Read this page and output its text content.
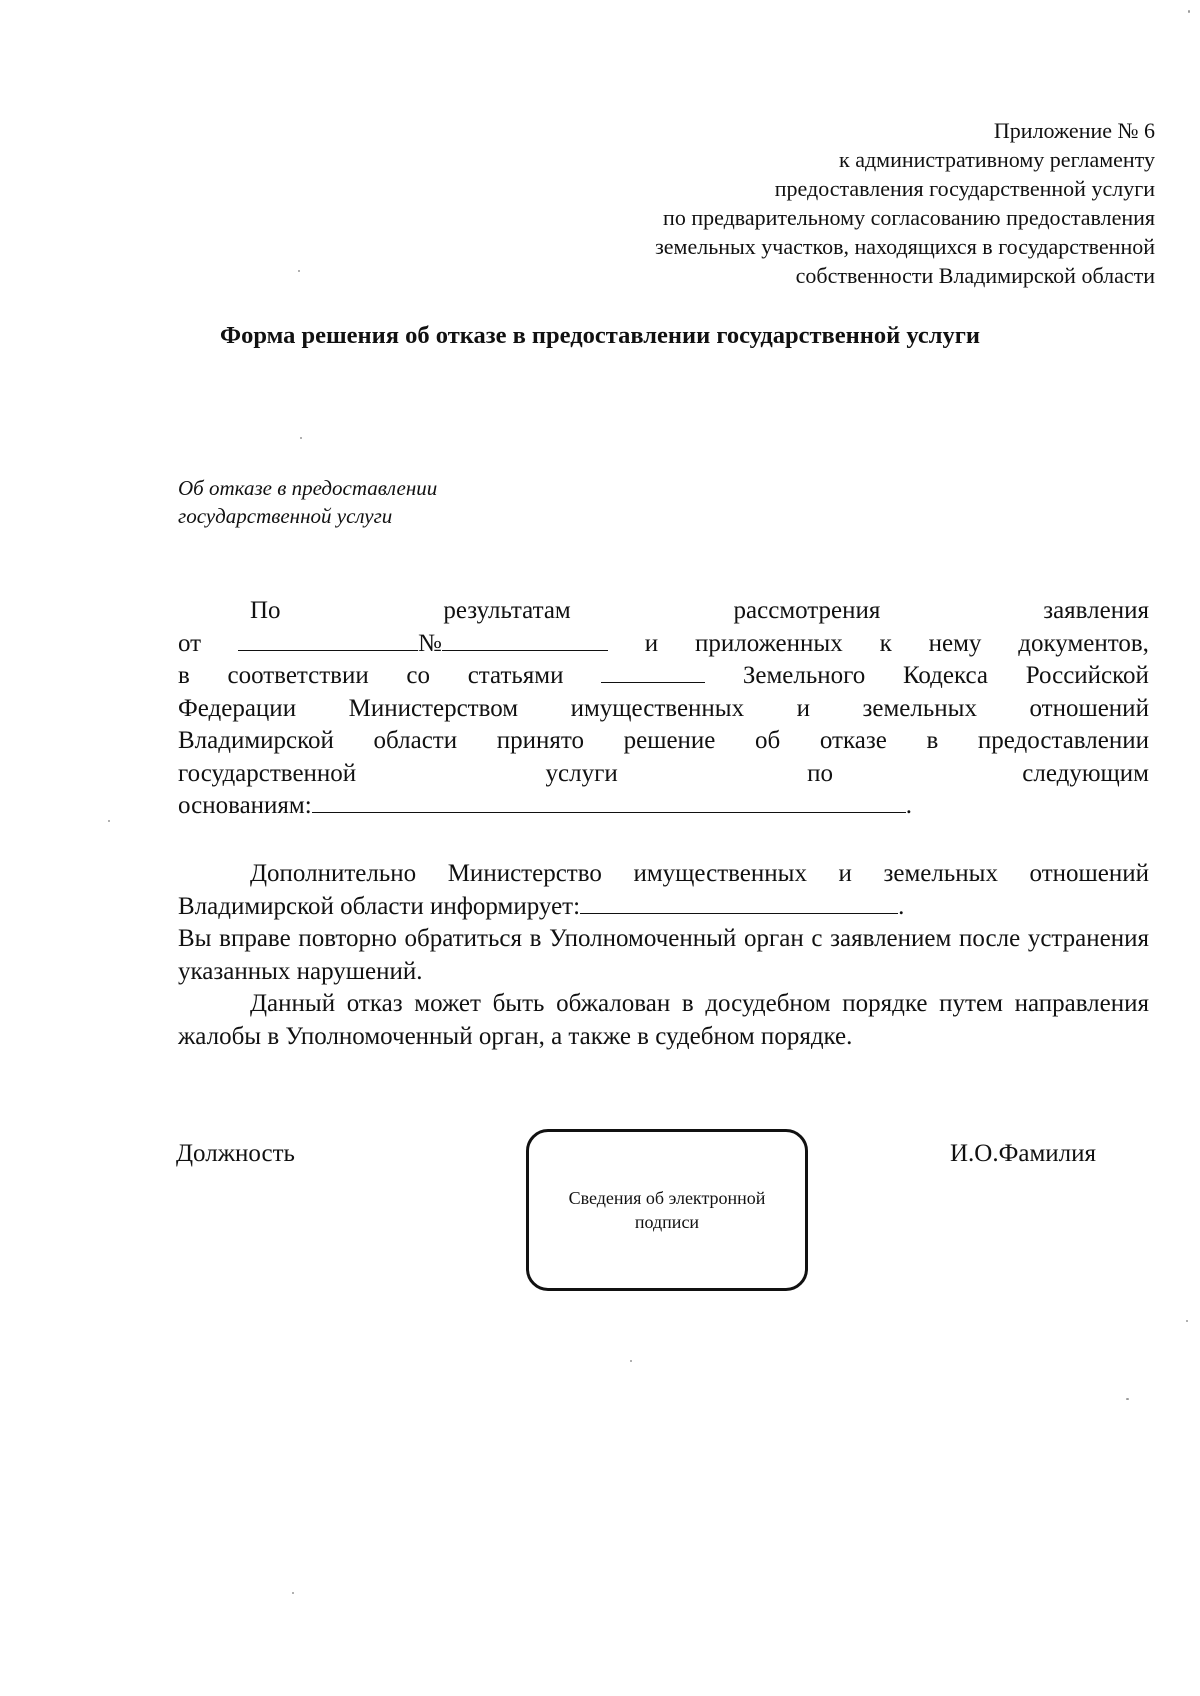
Приложение № 6
к административному регламенту
предоставления государственной услуги
по предварительному согласованию предоставления
земельных участков, находящихся в государственной
собственности Владимирской области
Форма решения об отказе в предоставлении государственной услуги
Об отказе в предоставлении
государственной услуги
По	результатам	рассмотрения	заявления
от	№	и приложенных к нему документов,
в соответствии со статьями	Земельного Кодекса Российской
Федерации Министерством имущественных и земельных отношений
Владимирской области принято решение об отказе в предоставлении
государственной	услуги	по	следующим
основаниям:	.
Дополнительно Министерство имущественных и земельных отношений
Владимирской области информирует:	.
Вы вправе повторно обратиться в Уполномоченный орган с заявлением после устранения указанных нарушений.
Данный отказ может быть обжалован в досудебном порядке путем направления жалобы в Уполномоченный орган, а также в судебном порядке.
Должность
Сведения об электронной подписи
И.О.Фамилия
